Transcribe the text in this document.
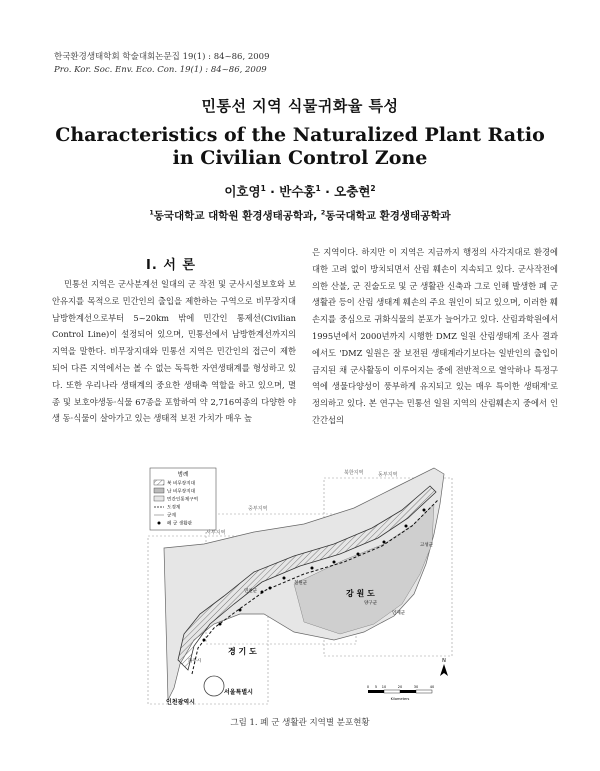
한국환경생태학회 학술대회논문집 19(1) : 84~86, 2009
Pro. Kor. Soc. Env. Eco. Con. 19(1) : 84~86, 2009
민통선 지역 식물귀화율 특성
Characteristics of the Naturalized Plant Ratio
in Civilian Control Zone
이호영$^1$ · 반수홍$^1$ · 오충현$^2$
$^1$동국대학교 대학원 환경생태공학과, $^2$동국대학교 환경생태공학과
Ⅰ. 서 론

민통선 지역은 군사분계선 일대의 군 작전 및 군사시설보호와 보안유지를 목적으로 민간인의 출입을 제한하는 구역으로 비무장지대 남방한계선으로부터 5~20km 밖에 민간인 통제선(Civilian Control Line)이 설정되어 있으며, 민통선에서 남방한계선까지의 지역을 말한다. 비무장지대와 민통선 지역은 민간인의 접근이 제한되어 다른 지역에서는 볼 수 없는 독특한 자연생태계를 형성하고 있다. 또한 우리나라 생태계의 중요한 생태축 역할을 하고 있으며, 멸종 및 보호야생동·식물 67종을 포함하여 약 2,716여종의 다양한 야생 동·식물이 살아가고 있는 생태적 보전 가치가 매우 높

은 지역이다. 하지만 이 지역은 지금까지 행정의 사각지대로 환경에 대한 고려 없이 방치되면서 산림 훼손이 지속되고 있다. 군사작전에 의한 산불, 군 진술도로 및 군 생활관 신축과 그로 인해 발생한 폐 군 생활관 등이 산림 생태계 훼손의 주요 원인이 되고 있으며, 이러한 훼손지를 중심으로 귀화식물의 분포가 늘어가고 있다. 산림과학원에서 1995년에서 2000년까지 시행한 DMZ 일원 산림생태계 조사 결과에서도 'DMZ 일원은 잘 보전된 생태계라기보다는 일반인의 출입이 금지된 채 군사활동이 이루어지는 중에 전반적으로 열악하나 특정구역에 생물다양성이 풍부하게 유지되고 있는 매우 특이한 생태계'로 정의하고 있다. 본 연구는 민통선 일원 지역의 산림훼손지 중에서 인간간섭의

범례
북 비무장지대
남 비무장지대
민간인통제구역
도경계
군계
폐 군 생활관
북한지역
서부지역
중부지역
동부지역
강 원 도
경 기 도
서울특별시
인천광역시
양구군
인제군
철원군
연천군
파주시
고성군
N
0 5 10	20	30	40
Kilometers
그림 1. 폐 군 생활관 지역별 분포현황
